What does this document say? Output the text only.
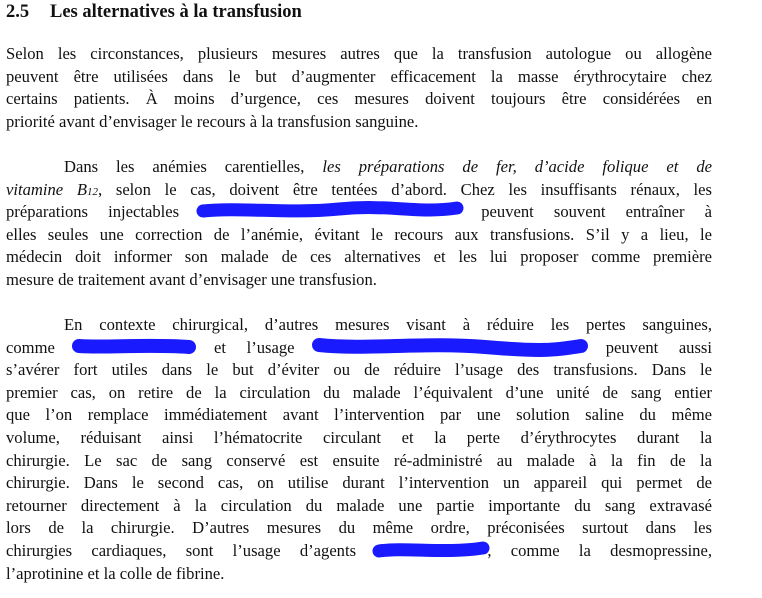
2.5 Les alternatives à la transfusion
Selon les circonstances, plusieurs mesures autres que la transfusion autologue ou allogène
peuvent être utilisées dans le but d’augmenter efficacement la masse érythrocytaire chez
certains patients. À moins d’urgence, ces mesures doivent toujours être considérées en
priorité avant d’envisager le recours à la transfusion sanguine.
Dans les anémies carentielles, les préparations de fer, d’acide folique et de
vitamine B12, selon le cas, doivent être tentées d’abord. Chez les insuffisants rénaux, les
préparations injectables	peuvent souvent entraîner à
elles seules une correction de l’anémie, évitant le recours aux transfusions. S’il y a lieu, le
médecin doit informer son malade de ces alternatives et les lui proposer comme première
mesure de traitement avant d’envisager une transfusion.
En contexte chirurgical, d’autres mesures visant à réduire les pertes sanguines,
comme	et l’usage	peuvent aussi
s’avérer fort utiles dans le but d’éviter ou de réduire l’usage des transfusions. Dans le
premier cas, on retire de la circulation du malade l’équivalent d’une unité de sang entier
que l’on remplace immédiatement avant l’intervention par une solution saline du même
volume, réduisant ainsi l’hématocrite circulant et la perte d’érythrocytes durant la
chirurgie. Le sac de sang conservé est ensuite ré-administré au malade à la fin de la
chirurgie. Dans le second cas, on utilise durant l’intervention un appareil qui permet de
retourner directement à la circulation du malade une partie importante du sang extravasé
lors de la chirurgie. D’autres mesures du même ordre, préconisées surtout dans les
chirurgies cardiaques, sont l’usage d’agents	, comme la desmopressine,
l’aprotinine et la colle de fibrine.
